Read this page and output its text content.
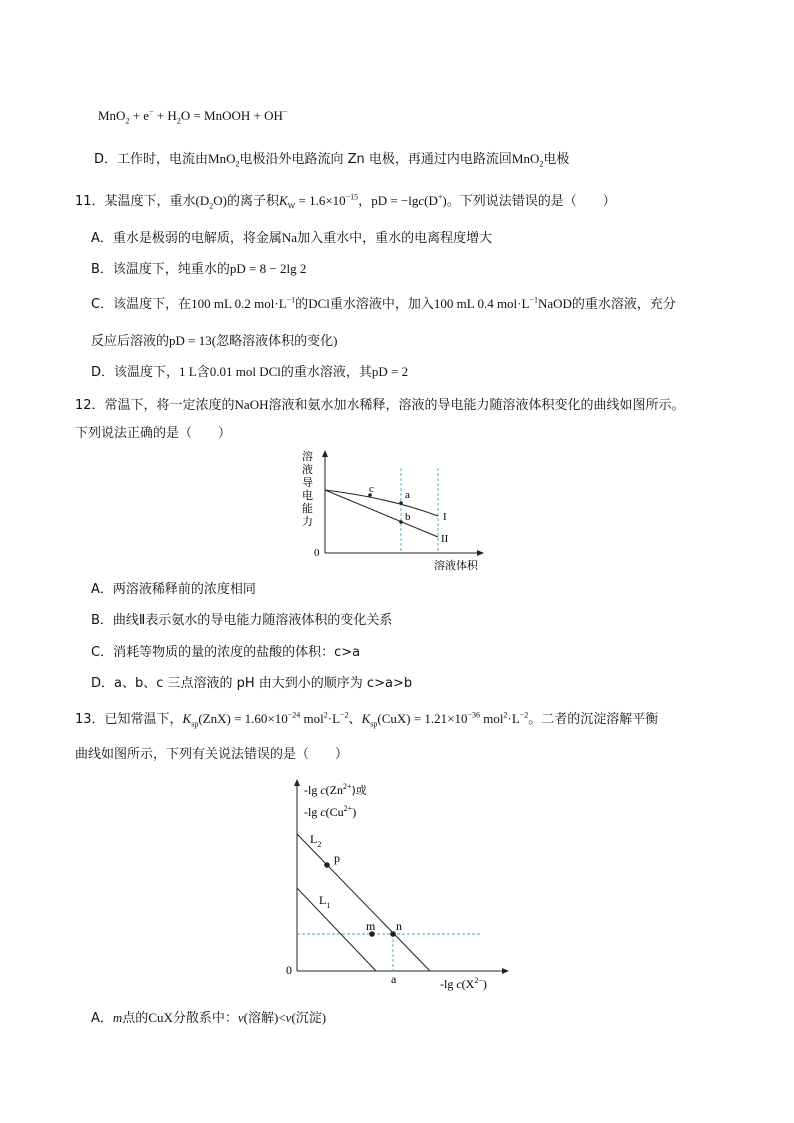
$MnO_2 + e^- + H_2O$ = MnOOH + OH−
D．工作时，电流由MnO$_2$电极沿外电路流向 Zn 电极，再通过内电路流回MnO$_2$电极
11．某温度下，重水$(D_2O)$的离子积$K_W = 1.6\times 10^{-15}$，pD = −lgc(D+)。下列说法错误的是（　　）
A．重水是极弱的电解质，将金属Na加入重水中，重水的电离程度增大
B．该温度下，纯重水的pD = 8 − 2lg 2
C．该温度下，在100 mL 0.2 $mol\cdot L^{-1}$的DCl重水溶液中，加入100 mL 0.4 $mol\cdot L^{-1}NaOD$的重水溶液，充分
反应后溶液的pD = 13(忽略溶液体积的变化)
D．该温度下，1 L含0.01 mol DCl的重水溶液，其pD = 2
12．常温下，将一定浓度的NaOH溶液和氨水加水稀释，溶液的导电能力随溶液体积变化的曲线如图所示。
下列说法正确的是（　　）
溶
液
导
电
能
力
0
溶液体积
c	a
b	I
II
A．两溶液稀释前的浓度相同
B．曲线Ⅱ表示氨水的导电能力随溶液体积的变化关系
C．消耗等物质的量的浓度的盐酸的体积：c>a
D．a、b、c 三点溶液的 pH 由大到小的顺序为 c>a>b
13．已知常温下，$K_{sp}(ZnX) = 1.60\times 10^{-24}$ $mol^2\cdot L^{-2}$、$K_{sp}(CuX) = 1.21\times 10^{-36}$ $mol^2\cdot L^{-2}$。二者的沉淀溶解平衡
曲线如图所示，下列有关说法错误的是（　　）
-lg $c(Zn^{2+})$或
-lg $c(Cu^{2+})$
0
-lg $c(X^{2-})$
$L_2$
$L_1$
p
m n
a
A．m点的CuX分散系中：v(溶解)<v(沉淀)
